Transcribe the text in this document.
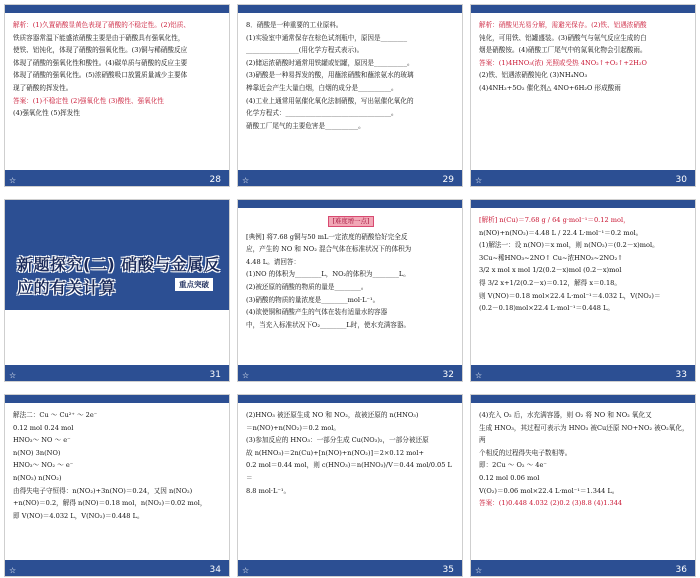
解析：(1)久置硝酸显黄色表现了硝酸的不稳定性。(2)铝质、

铁质容器常温下能盛浓硝酸主要是由于硝酸具有强氧化性，

使铁、铝钝化，体现了硝酸的强氧化性。(3)铜与稀硝酸反应

体现了硝酸的强氧化性和酸性。(4)碳单质与硝酸的反应主要

体现了硝酸的强氧化性。(5)浓硝酸吸口放置质量减少主要体

现了硝酸的挥发性。

答案：(1)不稳定性 (2)强氧化性 (3)酸性、强氧化性

(4)强氧化性 (5)挥发性

☆	28

8．硝酸是一种重要的工业原料。

(1)实验室中通常保存在棕色试剂瓶中，原因是________

________________(用化学方程式表示)。

(2)储运浓硝酸时通常用铁罐或铝罐，原因是__________。

(3)硝酸是一种易挥发的酸，用蘸浓硝酸和蘸浓氨水的玻璃

棒靠近会产生大量白烟，白烟的成分是__________。

(4)工业上通常用氨催化氧化法制硝酸，写出氨催化氧化的

化学方程式：________________________________。

硝酸工厂尾气的主要危害是__________。

☆	29

解析：硝酸见光易分解，需避光保存。(2)铁、铝遇浓硝酸

钝化，可用铁、铝罐盛装。(3)硝酸气与氨气反应生成的白

烟是硝酸铵。(4)硝酸工厂尾气中的氮氧化物会引起酸雨。

答案：(1)4HNO₃(浓) 光照或受热 4NO₂↑+O₂↑+2H₂O

(2)铁、铝遇浓硝酸钝化 (3)NH₄NO₃

(4)4NH₃+5O₂ 催化剂△ 4NO+6H₂O 形成酸雨

☆	30
新题探究(二) 硝酸与金属反应的有关计算	重点突破
☆	31
[难度增一点]

[典例] 将7.68 g铜与50 mL一定浓度的硝酸恰好完全反

应，产生的 NO 和 NO₂ 混合气体在标准状况下的体积为

4.48 L。请回答：

(1)NO 的体积为________L，NO₂的体积为________L。

(2)被还原的硝酸的物质的量是________。

(3)硝酸的物质的量浓度是________mol·L⁻¹。

(4)欲使铜和硝酸产生的气体在装有适量水的容器

中，当充入标准状况下O₂________L时，使水充满容器。

☆	32

[解析] n(Cu)＝7.68 g / 64 g·mol⁻¹＝0.12 mol，

n(NO)+n(NO₂)＝4.48 L / 22.4 L·mol⁻¹＝0.2 mol。

(1)解法一：设 n(NO)＝x mol，则 n(NO₂)＝(0.2－x)mol。

3Cu~稀HNO₃~2NO↑ Cu~浓HNO₃~2NO₂↑

3/2 x mol x mol 1/2(0.2－x)mol (0.2－x)mol

得 3/2 x+1/2(0.2－x)＝0.12，解得 x＝0.18。

则 V(NO)＝0.18 mol×22.4 L·mol⁻¹＝4.032 L，V(NO₂)＝

(0.2－0.18)mol×22.4 L·mol⁻¹＝0.448 L。

☆	33

解法二：Cu ～ Cu²⁺ ～ 2e⁻

0.12 mol 0.24 mol

HNO₃～ NO ～ e⁻

n(NO) 3n(NO)

HNO₃～ NO₂ ～ e⁻

n(NO₂) n(NO₂)

由得失电子守恒得：n(NO₂)+3n(NO)＝0.24，又因 n(NO₂)

+n(NO)＝0.2，解得 n(NO)＝0.18 mol，n(NO₂)＝0.02 mol，

即 V(NO)＝4.032 L，V(NO₂)＝0.448 L。

☆	34

(2)HNO₃ 被还原生成 NO 和 NO₂，故被还原的 n(HNO₃)

＝n(NO)+n(NO₂)＝0.2 mol。

(3)参加反应的 HNO₃：一部分生成 Cu(NO₃)₂，一部分被还原

故 n(HNO₃)＝2n(Cu)+[n(NO)+n(NO₂)]＝2×0.12 mol+

0.2 mol＝0.44 mol，则 c(HNO₃)＝n(HNO₃)/V＝0.44 mol/0.05 L＝

8.8 mol·L⁻¹。

☆	35

(4)充入 O₂ 后，水充满容器，则 O₂ 将 NO 和 NO₂ 氧化又

生成 HNO₃，其过程可表示为 HNO₃ 被Cu还原 NO+NO₂ 被O₂氧化，两

个相反的过程得失电子数相等。

即：2Cu ～ O₂ ～ 4e⁻

0.12 mol 0.06 mol

V(O₂)＝0.06 mol×22.4 L·mol⁻¹＝1.344 L。

答案：(1)0.448 4.032 (2)0.2 (3)8.8 (4)1.344

☆	36
